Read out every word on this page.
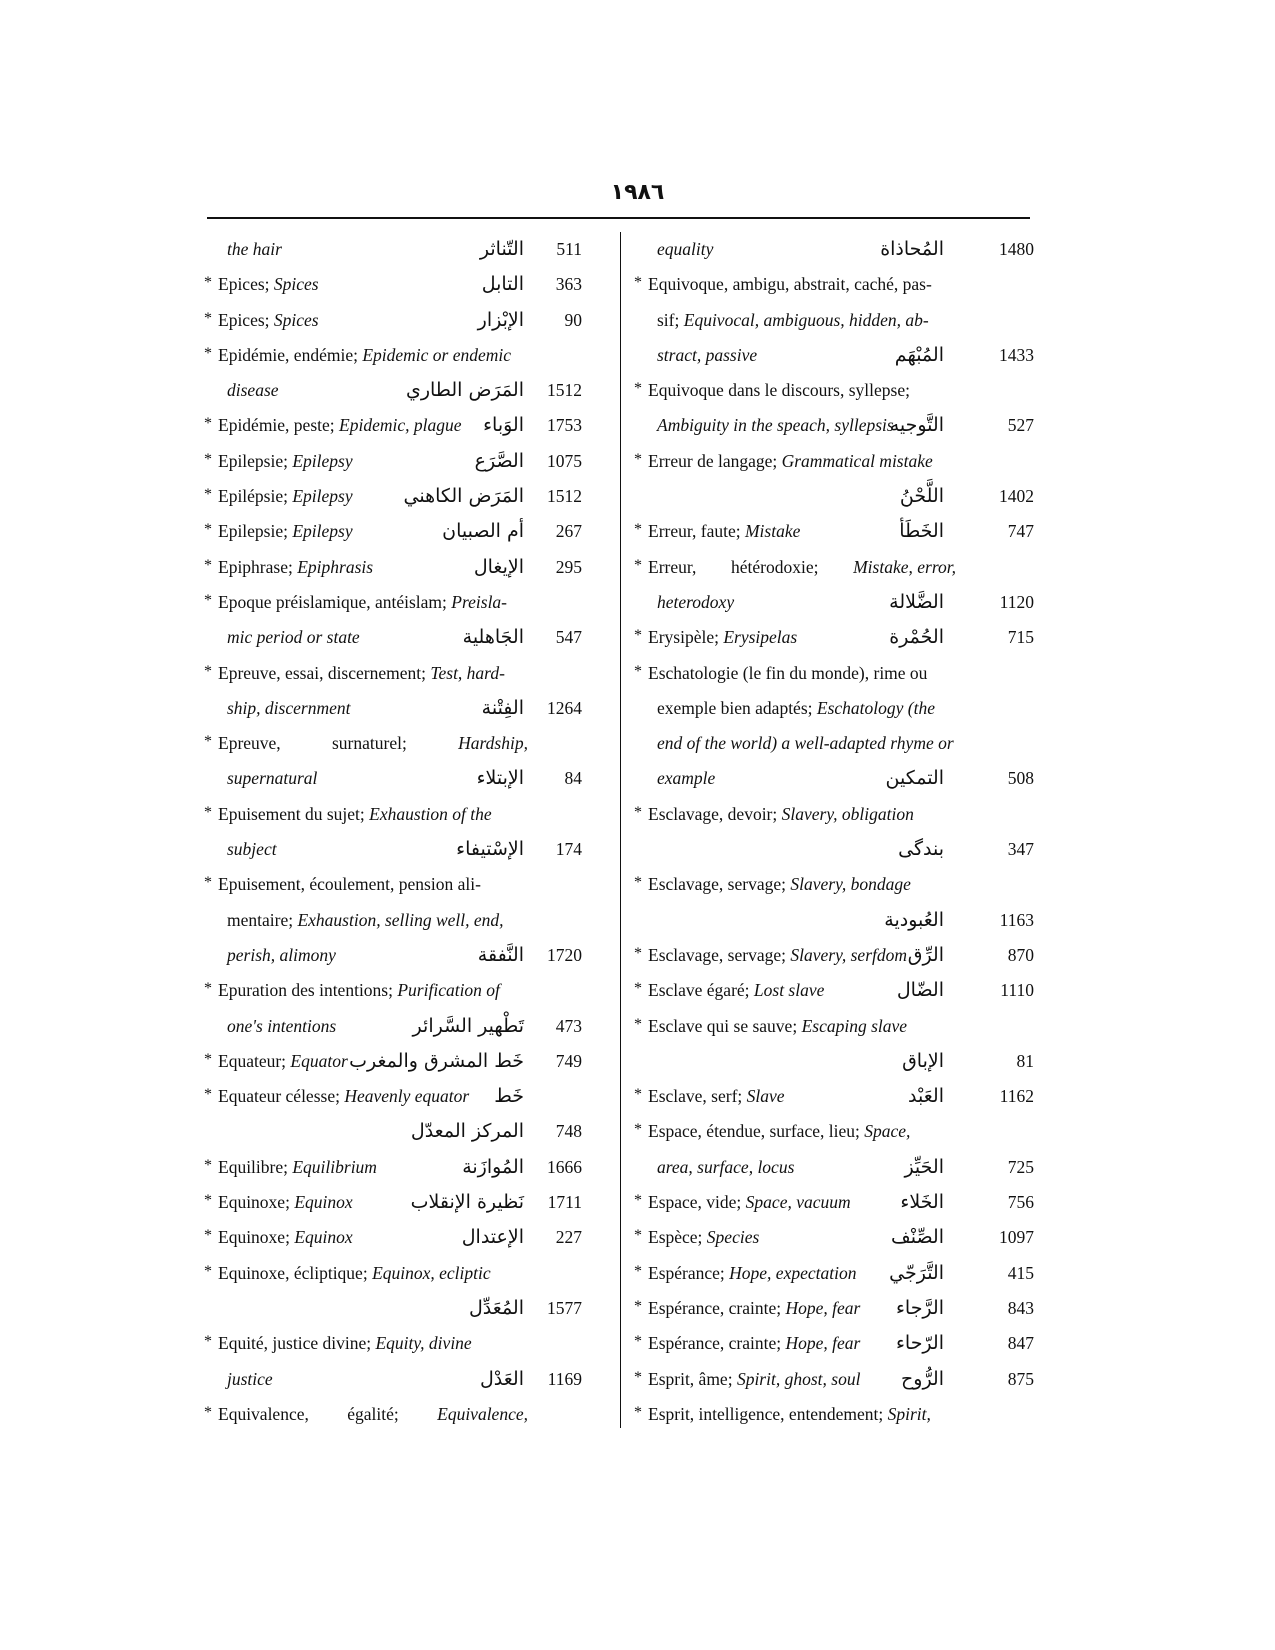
١٩٨٦
the hair	التّناثر	511
* Epices; Spices	التابل	363
* Epices; Spices	الإبْزار	90
* Epidémie, endémie; Epidemic or endemic
disease	المَرَض الطاري	1512
* Epidémie, peste; Epidemic, plague الوَباء	1753
* Epilepsie; Epilepsy	الصَّرَع	1075
* Epilépsie; Epilepsy	المَرَض الكاهني	1512
* Epilepsie; Epilepsy	أم الصبيان	267
* Epiphrase; Epiphrasis	الإيغال	295
* Epoque préislamique, antéislam; Preisla-
mic period or state	الجَاهلية	547
* Epreuve, essai, discernement; Test, hard-
ship, discernment	الفِتْنة	1264
* Epreuve,	surnaturel;	Hardship,
supernatural	الإبتلاء	84
* Epuisement du sujet; Exhaustion of the
subject	الإسْتيفاء	174
* Epuisement, écoulement, pension ali-
mentaire; Exhaustion, selling well, end,
perish, alimony	النَّفقة	1720
* Epuration des intentions; Purification of
one's intentions	تَطْهير السَّرائر	473
* Equateur; Equator خَط المشرق والمغرب	749
* Equateur célesse; Heavenly equator خَط
المركز المعدّل	748
* Equilibre; Equilibrium	المُوازَنة	1666
* Equinoxe; Equinox	نَظيرة الإنقلاب	1711
* Equinoxe; Equinox	الإعتدال	227
* Equinoxe, écliptique; Equinox, ecliptic
المُعَدِّل	1577
* Equité, justice divine; Equity, divine
justice	العَدْل	1169
* Equivalence, égalité; Equivalence,
equality	المُحاذاة	1480
* Equivoque, ambigu, abstrait, caché, pas-
sif; Equivocal, ambiguous, hidden, ab-
stract, passive	المُبْهَم	1433
* Equivoque dans le discours, syllepse;
Ambiguity in the speach, syllepsis
التَّوجيه	527
* Erreur de langage; Grammatical mistake
اللَّحْنُ	1402
* Erreur, faute; Mistake	الخَطَأ	747
* Erreur, hétérodoxie; Mistake, error,
heterodoxy	الضَّلالة	1120
* Erysipèle; Erysipelas	الحُمْرة	715
* Eschatologie (le fin du monde), rime ou
exemple bien adaptés; Eschatology (the
end of the world) a well-adapted rhyme or
example	التمكين	508
* Esclavage, devoir; Slavery, obligation
بندگی	347
* Esclavage, servage; Slavery, bondage
العُبودية	1163
* Esclavage, servage; Slavery, serfdom الرِّق	870
* Esclave égaré; Lost slave	الضّال	1110
* Esclave qui se sauve; Escaping slave
الإباق	81
* Esclave, serf; Slave	العَبْد	1162
* Espace, étendue, surface, lieu; Space,
area, surface, locus	الحَيِّز	725
* Espace, vide; Space, vacuum	الخَلاء	756
* Espèce; Species	الصِّنْف	1097
* Espérance; Hope, expectation التَّرَجّي	415
* Espérance, crainte; Hope, fear الرَّجاء	843
* Espérance, crainte; Hope, fear الرّحاء	847
* Esprit, âme; Spirit, ghost, soul الرُّوح	875
* Esprit, intelligence, entendement; Spirit,
